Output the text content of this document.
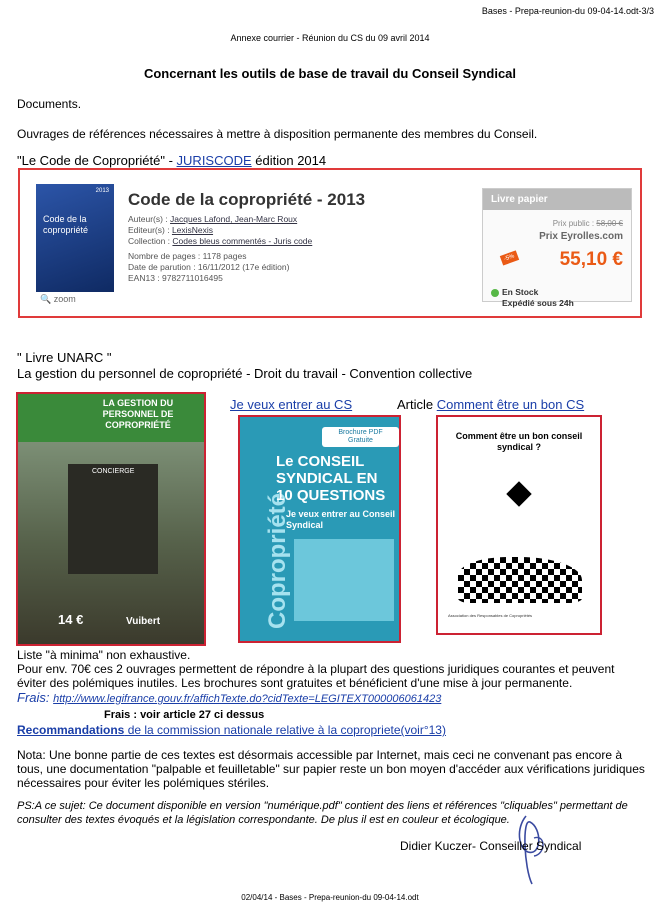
Bases - Prepa-reunion-du 09-04-14.odt-3/3
Annexe courrier - Réunion du CS du 09 avril 2014
Concernant les outils de base de travail du Conseil Syndical
Documents.
Ouvrages de références nécessaires à mettre à disposition permanente des membres du Conseil.
"Le Code de Copropriété" - JURISCODE édition 2014
2013
Code de la copropriété
🔍 zoom
Code de la copropriété - 2013
Auteur(s) : Jacques Lafond, Jean-Marc Roux
Editeur(s) : LexisNexis
Collection : Codes bleus commentés - Juris code
Nombre de pages : 1178 pages
Date de parution : 16/11/2012 (17e édition)
EAN13 : 9782711016495
Livre papier
Prix public : 58,00 €
Prix Eyrolles.com
-5% 55,10 €
En Stock
Expédié sous 24h
" Livre UNARC "
La gestion du personnel de copropriété - Droit du travail - Convention collective
Je veux entrer au CS	Article Comment être un bon CS
LA GESTION DU PERSONNEL DE COPROPRIÉTÉ
CONCIERGE
14 €	Vuibert	Copropriété
Brochure PDF Gratuite
Le CONSEIL SYNDICAL EN 10 QUESTIONS
Je veux entrer au Conseil Syndical
Comment être un bon conseil syndical ?
Association des Responsables de Copropriétés
Liste "à minima" non exhaustive.
Pour env. 70€ ces 2 ouvrages permettent de répondre à la plupart des questions juridiques courantes et peuvent
éviter des polémiques inutiles. Les brochures sont gratuites et bénéficient d'une mise à jour permanente.
Frais: http://www.legifrance.gouv.fr/affichTexte.do?cidTexte=LEGITEXT000006061423
Frais : voir article 27 ci dessus
Recommandations de la commission nationale relative à la copropriete(voir°13)
Nota: Une bonne partie de ces textes est désormais accessible par Internet, mais ceci ne convenant pas encore à
tous, une documentation "palpable et feuilletable" sur papier reste un bon moyen d'accéder aux vérifications juridiques
nécessaires pour éviter les polémiques stériles.
PS:A ce sujet: Ce document disponible en version "numérique.pdf" contient des liens et références "cliquables" permettant de
consulter des textes évoqués et la législation correspondante. De plus il est en couleur et écologique.
Didier Kuczer- Conseiller Syndical
02/04/14 - Bases - Prepa-reunion-du 09-04-14.odt
